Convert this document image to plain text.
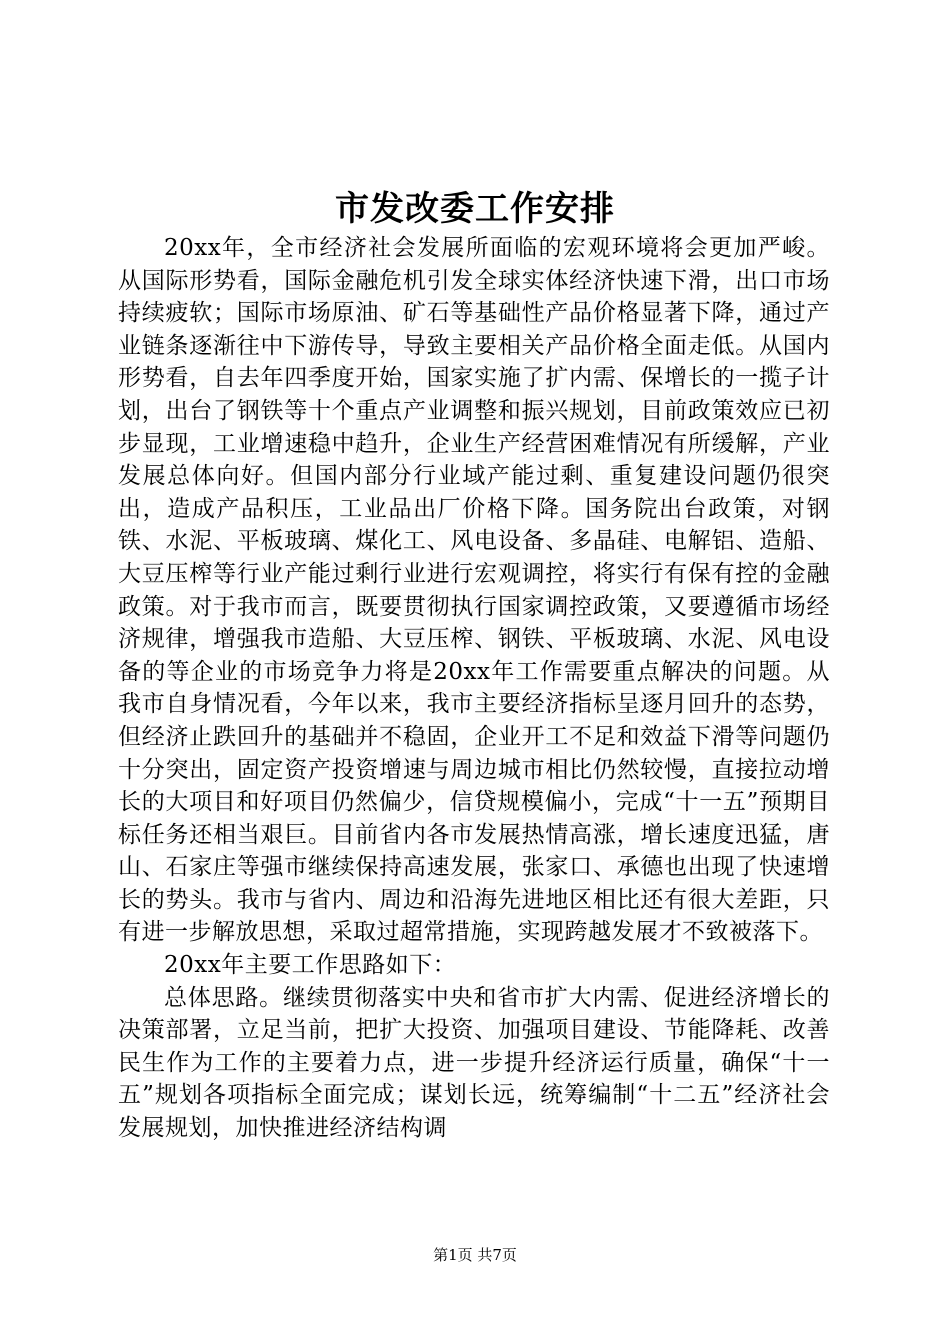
市发改委工作安排

20xx年，全市经济社会发展所面临的宏观环境将会更加严峻。从国际形势看，国际金融危机引发全球实体经济快速下滑，出口市场持续疲软；国际市场原油、矿石等基础性产品价格显著下降，通过产业链条逐渐往中下游传导，导致主要相关产品价格全面走低。从国内形势看，自去年四季度开始，国家实施了扩内需、保增长的一揽子计划，出台了钢铁等十个重点产业调整和振兴规划，目前政策效应已初步显现，工业增速稳中趋升，企业生产经营困难情况有所缓解，产业发展总体向好。但国内部分行业域产能过剩、重复建设问题仍很突出，造成产品积压，工业品出厂价格下降。国务院出台政策，对钢铁、水泥、平板玻璃、煤化工、风电设备、多晶硅、电解铝、造船、大豆压榨等行业产能过剩行业进行宏观调控，将实行有保有控的金融政策。对于我市而言，既要贯彻执行国家调控政策，又要遵循市场经济规律，增强我市造船、大豆压榨、钢铁、平板玻璃、水泥、风电设备的等企业的市场竞争力将是20xx年工作需要重点解决的问题。从我市自身情况看，今年以来，我市主要经济指标呈逐月回升的态势，但经济止跌回升的基础并不稳固，企业开工不足和效益下滑等问题仍十分突出，固定资产投资增速与周边城市相比仍然较慢，直接拉动增长的大项目和好项目仍然偏少，信贷规模偏小，完成“十一五”预期目标任务还相当艰巨。目前省内各市发展热情高涨，增长速度迅猛，唐山、石家庄等强市继续保持高速发展，张家口、承德也出现了快速增长的势头。我市与省内、周边和沿海先进地区相比还有很大差距，只有进一步解放思想，采取过超常措施，实现跨越发展才不致被落下。

20xx年主要工作思路如下：

总体思路。继续贯彻落实中央和省市扩大内需、促进经济增长的决策部署，立足当前，把扩大投资、加强项目建设、节能降耗、改善民生作为工作的主要着力点，进一步提升经济运行质量，确保“十一五”规划各项指标全面完成；谋划长远，统筹编制“十二五”经济社会发展规划，加快推进经济结构调

第1页 共7页
